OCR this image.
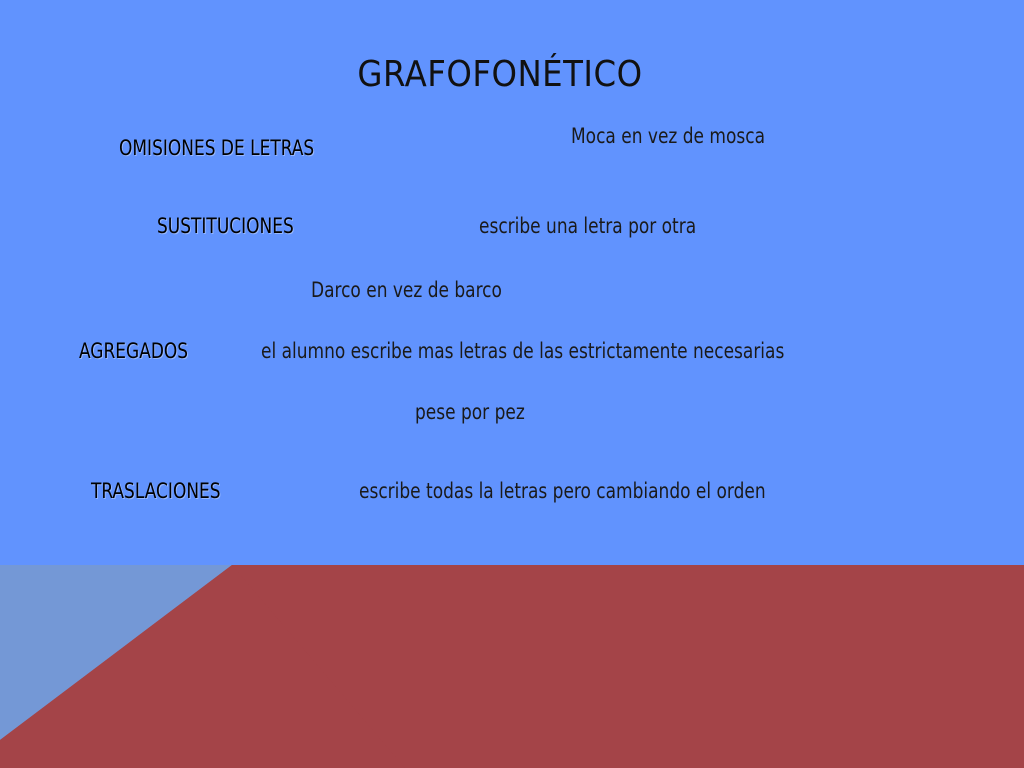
GRAFOFONÉTICO
OMISIONES DE LETRAS	Moca en vez de mosca
SUSTITUCIONES	escribe una letra por otra
Darco en vez de barco
AGREGADOS	el alumno escribe mas letras de las estrictamente necesarias
pese por pez
TRASLACIONES	escribe todas la letras pero cambiando el orden
